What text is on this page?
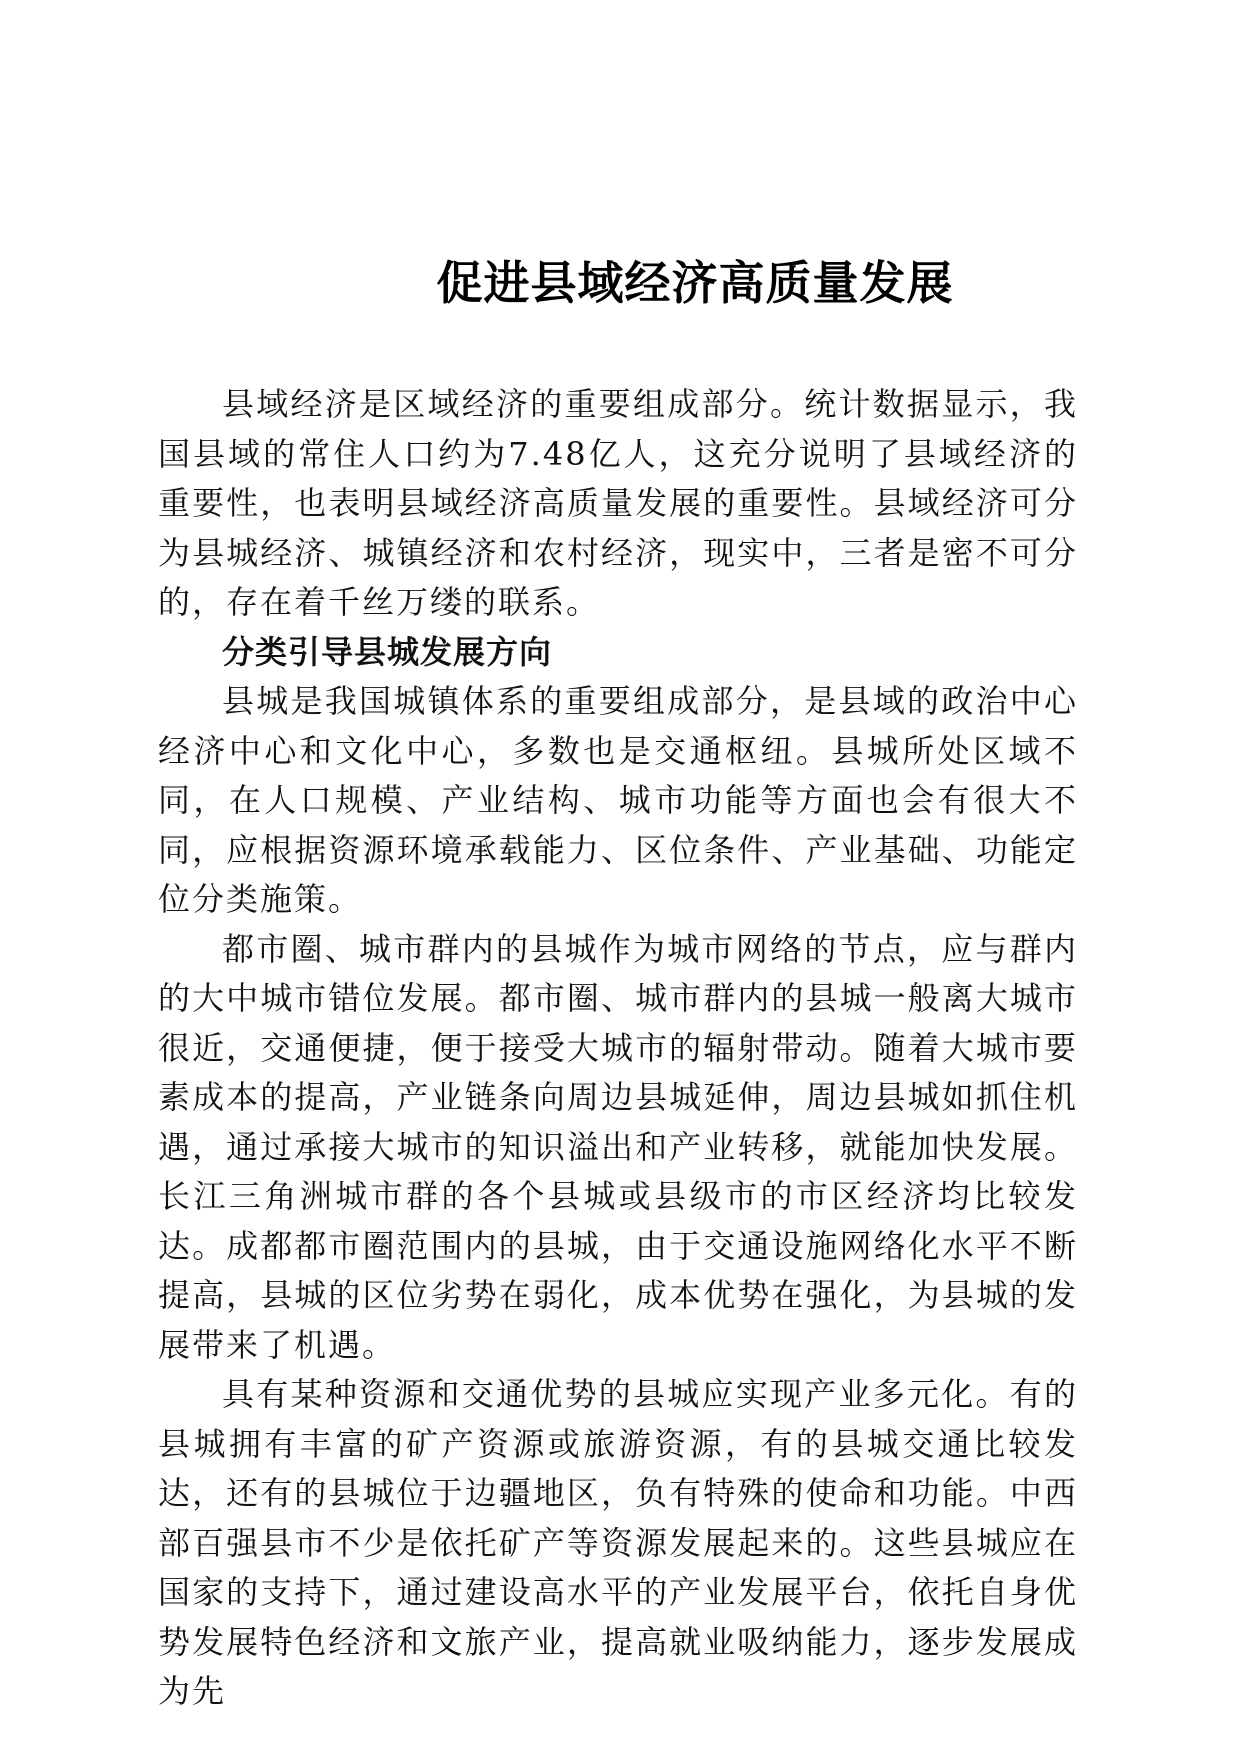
促进县域经济高质量发展

县域经济是区域经济的重要组成部分。统计数据显示，我国县域的常住人口约为7.48亿人，这充分说明了县域经济的重要性，也表明县域经济高质量发展的重要性。县域经济可分为县城经济、城镇经济和农村经济，现实中，三者是密不可分的，存在着千丝万缕的联系。

分类引导县城发展方向

县城是我国城镇体系的重要组成部分，是县域的政治中心经济中心和文化中心，多数也是交通枢纽。县城所处区域不同，在人口规模、产业结构、城市功能等方面也会有很大不同，应根据资源环境承载能力、区位条件、产业基础、功能定位分类施策。

都市圈、城市群内的县城作为城市网络的节点，应与群内的大中城市错位发展。都市圈、城市群内的县城一般离大城市很近，交通便捷，便于接受大城市的辐射带动。随着大城市要素成本的提高，产业链条向周边县城延伸，周边县城如抓住机遇，通过承接大城市的知识溢出和产业转移，就能加快发展。长江三角洲城市群的各个县城或县级市的市区经济均比较发达。成都都市圈范围内的县城，由于交通设施网络化水平不断提高，县城的区位劣势在弱化，成本优势在强化，为县城的发展带来了机遇。

具有某种资源和交通优势的县城应实现产业多元化。有的县城拥有丰富的矿产资源或旅游资源，有的县城交通比较发达，还有的县城位于边疆地区，负有特殊的使命和功能。中西部百强县市不少是依托矿产等资源发展起来的。这些县城应在国家的支持下，通过建设高水平的产业发展平台，依托自身优势发展特色经济和文旅产业，提高就业吸纳能力，逐步发展成为先
